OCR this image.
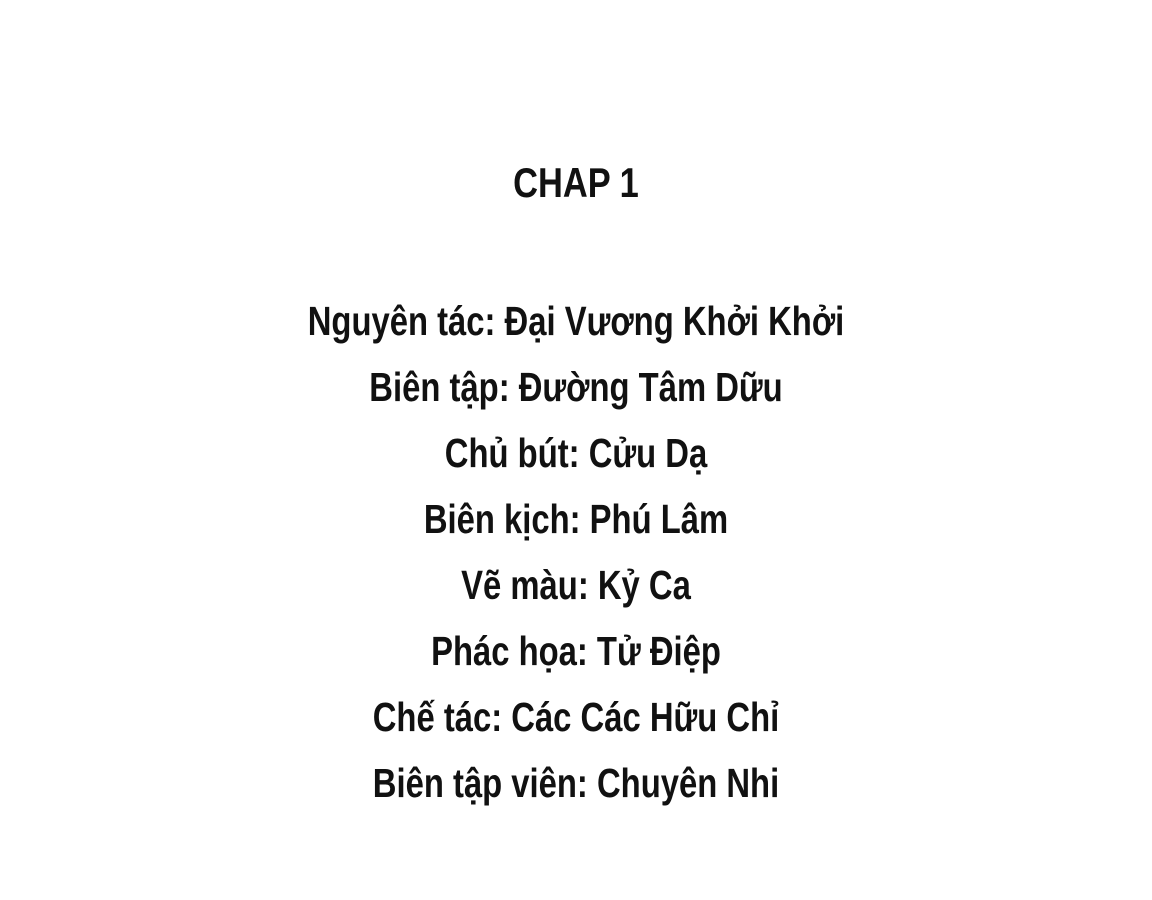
CHAP 1
Nguyên tác: Đại Vương Khởi Khởi
Biên tập: Đường Tâm Dữu
Chủ bút: Cửu Dạ
Biên kịch: Phú Lâm
Vẽ màu: Kỷ Ca
Phác họa: Tử Điệp
Chế tác: Các Các Hữu Chỉ
Biên tập viên: Chuyên Nhi
